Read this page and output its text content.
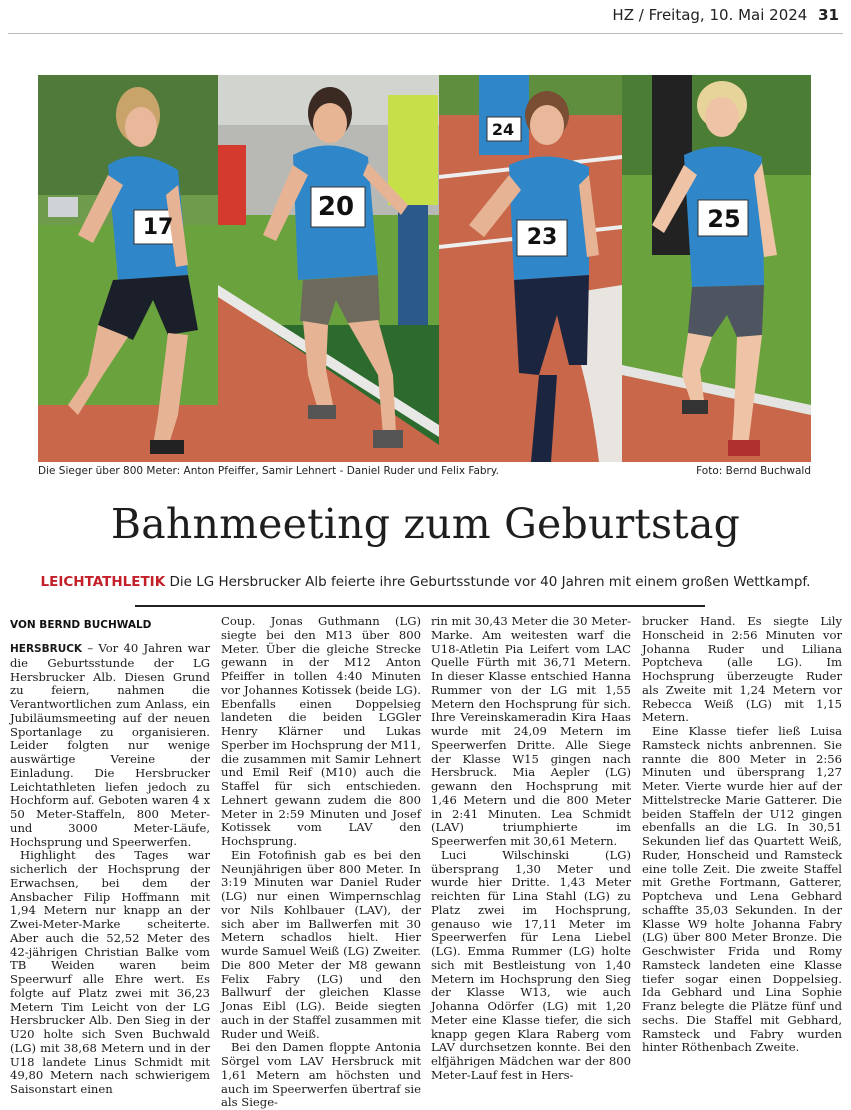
HZ / Freitag, 10. Mai 2024 31
17
20
24
23
25
Die Sieger über 800 Meter: Anton Pfeiffer, Samir Lehnert - Daniel Ruder und Felix Fabry.	Foto: Bernd Buchwald
Bahnmeeting zum Geburtstag
LEICHTATHLETIK Die LG Hersbrucker Alb feierte ihre Geburtsstunde vor 40 Jahren mit einem großen Wettkampf.
VON BERND BUCHWALD

HERSBRUCK – Vor 40 Jahren war die Geburtsstunde der LG Hersbrucker Alb. Diesen Grund zu feiern, nahmen die Verantwortlichen zum Anlass, ein Jubiläumsmeeting auf der neuen Sportanlage zu organisieren. Leider folgten nur wenige auswärtige Vereine der Einladung. Die Hersbrucker Leichtathleten liefen jedoch zu Hochform auf. Geboten waren 4 x 50 Meter-Staffeln, 800 Meter- und 3000 Meter-Läufe, Hochsprung und Speerwerfen.

Highlight des Tages war sicherlich der Hochsprung der Erwachsen, bei dem der Ansbacher Filip Hoffmann mit 1,94 Metern nur knapp an der Zwei-Meter-Marke scheiterte. Aber auch die 52,52 Meter des 42-jährigen Christian Balke vom TB Weiden waren beim Speerwurf alle Ehre wert. Es folgte auf Platz zwei mit 36,23 Metern Tim Leicht von der LG Hersbrucker Alb. Den Sieg in der U20 holte sich Sven Buchwald (LG) mit 38,68 Metern und in der U18 landete Linus Schmidt mit 49,80 Metern nach schwierigem Saisonstart einen

Coup. Jonas Guthmann (LG) siegte bei den M13 über 800 Meter. Über die gleiche Strecke gewann in der M12 Anton Pfeiffer in tollen 4:40 Minuten vor Johannes Kotissek (beide LG). Ebenfalls einen Doppelsieg landeten die beiden LGGler Henry Klärner und Lukas Sperber im Hochsprung der M11, die zusammen mit Samir Lehnert und Emil Reif (M10) auch die Staffel für sich entschieden. Lehnert gewann zudem die 800 Meter in 2:59 Minuten und Josef Kotissek vom LAV den Hochsprung.

Ein Fotofinish gab es bei den Neunjährigen über 800 Meter. In 3:19 Minuten war Daniel Ruder (LG) nur einen Wimpernschlag vor Nils Kohlbauer (LAV), der sich aber im Ballwerfen mit 30 Metern schadlos hielt. Hier wurde Samuel Weiß (LG) Zweiter. Die 800 Meter der M8 gewann Felix Fabry (LG) und den Ballwurf der gleichen Klasse Jonas Eibl (LG). Beide siegten auch in der Staffel zusammen mit Ruder und Weiß.

Bei den Damen floppte Antonia Sörgel vom LAV Hersbruck mit 1,61 Metern am höchsten und auch im Speerwerfen übertraf sie als Siege-

rin mit 30,43 Meter die 30 Meter-Marke. Am weitesten warf die U18-Atletin Pia Leifert vom LAC Quelle Fürth mit 36,71 Metern. In dieser Klasse entschied Hanna Rummer von der LG mit 1,55 Metern den Hochsprung für sich. Ihre Vereinskameradin Kira Haas wurde mit 24,09 Metern im Speerwerfen Dritte. Alle Siege der Klasse W15 gingen nach Hersbruck. Mia Aepler (LG) gewann den Hochsprung mit 1,46 Metern und die 800 Meter in 2:41 Minuten. Lea Schmidt (LAV) triumphierte im Speerwerfen mit 30,61 Metern.

Luci Wilschinski (LG) übersprang 1,30 Meter und wurde hier Dritte. 1,43 Meter reichten für Lina Stahl (LG) zu Platz zwei im Hochsprung, genauso wie 17,11 Meter im Speerwerfen für Lena Liebel (LG). Emma Rummer (LG) holte sich mit Bestleistung von 1,40 Metern im Hochsprung den Sieg der Klasse W13, wie auch Johanna Odörfer (LG) mit 1,20 Meter eine Klasse tiefer, die sich knapp gegen Klara Raberg vom LAV durchsetzen konnte. Bei den elfjährigen Mädchen war der 800 Meter-Lauf fest in Hers-

brucker Hand. Es siegte Lily Honscheid in 2:56 Minuten vor Johanna Ruder und Liliana Poptcheva (alle LG). Im Hochsprung überzeugte Ruder als Zweite mit 1,24 Metern vor Rebecca Weiß (LG) mit 1,15 Metern.

Eine Klasse tiefer ließ Luisa Ramsteck nichts anbrennen. Sie rannte die 800 Meter in 2:56 Minuten und übersprang 1,27 Meter. Vierte wurde hier auf der Mittelstrecke Marie Gatterer. Die beiden Staffeln der U12 gingen ebenfalls an die LG. In 30,51 Sekunden lief das Quartett Weiß, Ruder, Honscheid und Ramsteck eine tolle Zeit. Die zweite Staffel mit Grethe Fortmann, Gatterer, Poptcheva und Lena Gebhard schaffte 35,03 Sekunden. In der Klasse W9 holte Johanna Fabry (LG) über 800 Meter Bronze. Die Geschwister Frida und Romy Ramsteck landeten eine Klasse tiefer sogar einen Doppelsieg. Ida Gebhard und Lina Sophie Franz belegte die Plätze fünf und sechs. Die Staffel mit Gebhard, Ramsteck und Fabry wurden hinter Röthenbach Zweite.
